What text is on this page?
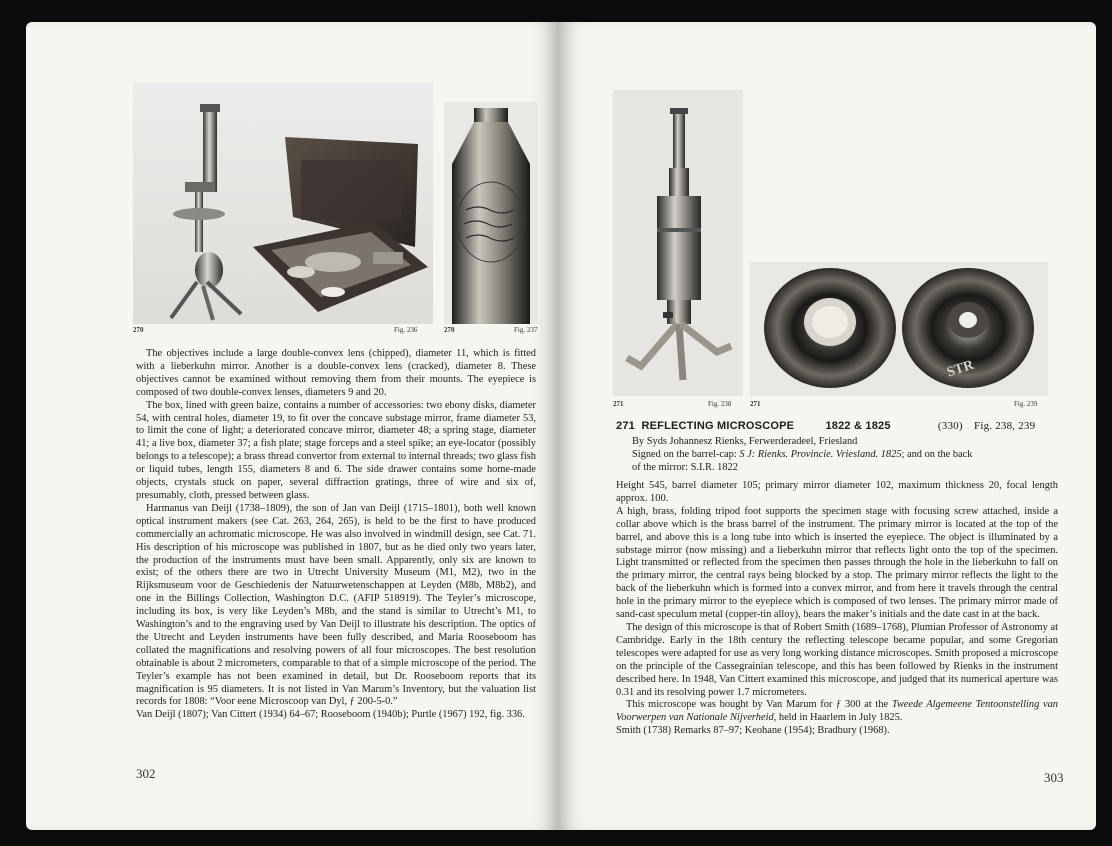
270	Fig. 236	270	Fig. 237

The objectives include a large double-convex lens (chipped), diameter 11, which is fitted with a lieberkuhn mirror. Another is a double-convex lens (cracked), diameter 8. These objectives cannot be examined without removing them from their mounts. The eyepiece is composed of two double-convex lenses, diameters 9 and 20.

The box, lined with green baize, contains a number of accessories: two ebony disks, diameter 54, with central holes, diameter 19, to fit over the concave substage mirror, frame diameter 53, to limit the cone of light; a deteriorated concave mirror, diameter 48; a spring stage, diameter 41; a live box, diameter 37; a fish plate; stage forceps and a steel spike; an eye-locator (possibly belongs to a telescope); a brass thread convertor from external to internal threads; two glass fish or liquid tubes, length 155, diameters 8 and 6. The side drawer contains some home-made objects, crystals stuck on paper, several diffraction gratings, three of wire and six of, presumably, cloth, pressed between glass.

Harmanus van Deijl (1738–1809), the son of Jan van Deijl (1715–1801), both well known optical instrument makers (see Cat. 263, 264, 265), is held to be the first to have produced commercially an achromatic microscope. He was also involved in windmill design, see Cat. 71. His description of his microscope was published in 1807, but as he died only two years later, the production of the instruments must have been small. Apparently, only six are known to exist; of the others there are two in Utrecht University Museum (M1, M2), two in the Rijksmuseum voor de Geschiedenis der Natuurwetenschappen at Leyden (M8b, M8b2), and one in the Billings Collection, Washington D.C. (AFIP 518919). The Teyler’s microscope, including its box, is very like Leyden’s M8b, and the stand is similar to Utrecht’s M1, to Washington’s and to the engraving used by Van Deijl to illustrate his description. The optics of the Utrecht and Leyden instruments have been fully described, and Maria Rooseboom has collated the magnifications and resolving powers of all four microscopes. The best resolution obtainable is about 2 micrometers, comparable to that of a simple microscope of the period. The Teyler’s example has not been examined in detail, but Dr. Rooseboom reports that its magnification is 95 diameters. It is not listed in Van Marum’s Inventory, but the valuation list records for 1808: “Voor eene Microscoop van Dyl, ƒ 200-5-0.”

Van Deijl (1807); Van Cittert (1934) 64–67; Rooseboom (1940b); Purtle (1967) 192, fig. 336.

302
271	Fig. 238
STR
271	Fig. 239
271 REFLECTING MICROSCOPE	1822 & 1825	(330) Fig. 238, 239
By Syds Johannesz Rienks, Ferwerderadeel, Friesland
Signed on the barrel-cap: S J: Rienks. Provincie. Vriesland. 1825; and on the back
of the mirror: S.I.R. 1822

Height 545, barrel diameter 105; primary mirror diameter 102, maximum thickness 20, focal length approx. 100.

A high, brass, folding tripod foot supports the specimen stage with focusing screw attached, inside a collar above which is the brass barrel of the instrument. The primary mirror is located at the top of the barrel, and above this is a long tube into which is inserted the eyepiece. The object is illuminated by a substage mirror (now missing) and a lieberkuhn mirror that reflects light onto the top of the specimen. Light transmitted or reflected from the specimen then passes through the hole in the lieberkuhn to fall on the primary mirror, the central rays being blocked by a stop. The primary mirror reflects the light to the back of the lieberkuhn which is formed into a convex mirror, and from here it travels through the central hole in the primary mirror to the eyepiece which is composed of two lenses. The primary mirror made of sand-cast speculum metal (copper-tin alloy), bears the maker’s initials and the date cast in at the back.

The design of this microscope is that of Robert Smith (1689–1768), Plumian Professor of Astronomy at Cambridge. Early in the 18th century the reflecting telescope became popular, and some Gregorian telescopes were adapted for use as very long working distance microscopes. Smith proposed a microscope on the principle of the Cassegrainian telescope, and this has been followed by Rienks in the instrument described here. In 1948, Van Cittert examined this microscope, and judged that its numerical aperture was 0.31 and its resolving power 1.7 micrometers.

This microscope was bought by Van Marum for ƒ 300 at the Tweede Algemeene Tentoonstelling van Voorwerpen van Nationale Nijverheid, held in Haarlem in July 1825.

Smith (1738) Remarks 87–97; Keohane (1954); Bradbury (1968).

303
